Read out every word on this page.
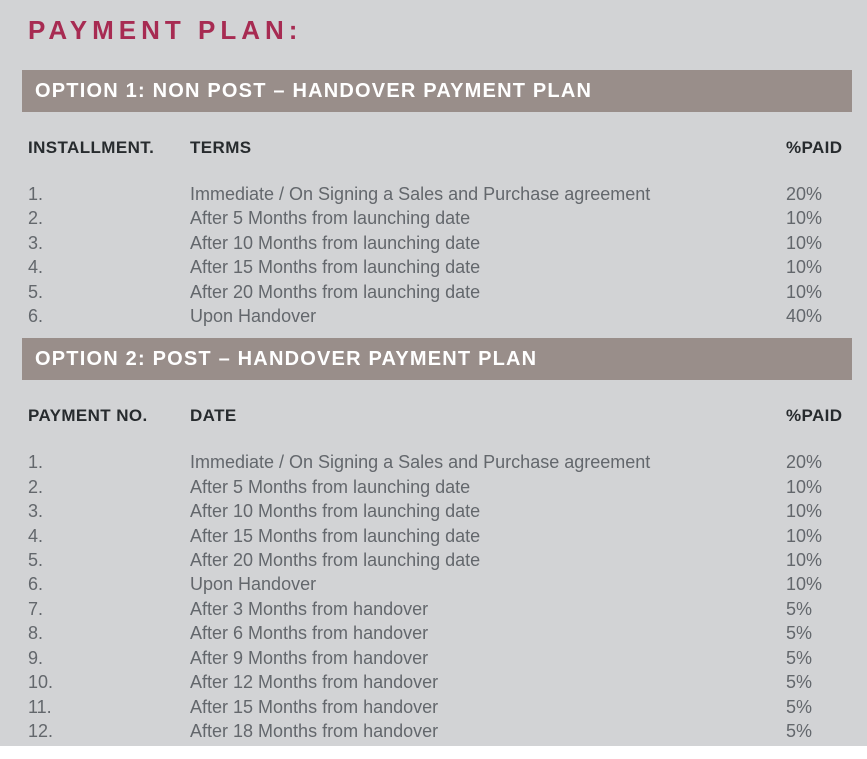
PAYMENT PLAN:
OPTION 1: NON POST – HANDOVER PAYMENT PLAN
INSTALLMENT.	TERMS	%PAID
1.	Immediate / On Signing a Sales and Purchase agreement	20%
2.	After 5 Months from launching date	10%
3.	After 10 Months from launching date	10%
4.	After 15 Months from launching date	10%
5.	After 20 Months from launching date	10%
6.	Upon Handover	40%
OPTION 2: POST – HANDOVER PAYMENT PLAN
PAYMENT NO.	DATE	%PAID
1.	Immediate / On Signing a Sales and Purchase agreement	20%
2.	After 5 Months from launching date	10%
3.	After 10 Months from launching date	10%
4.	After 15 Months from launching date	10%
5.	After 20 Months from launching date	10%
6.	Upon Handover	10%
7.	After 3 Months from handover	5%
8.	After 6 Months from handover	5%
9.	After 9 Months from handover	5%
10.	After 12 Months from handover	5%
11.	After 15 Months from handover	5%
12.	After 18 Months from handover	5%
